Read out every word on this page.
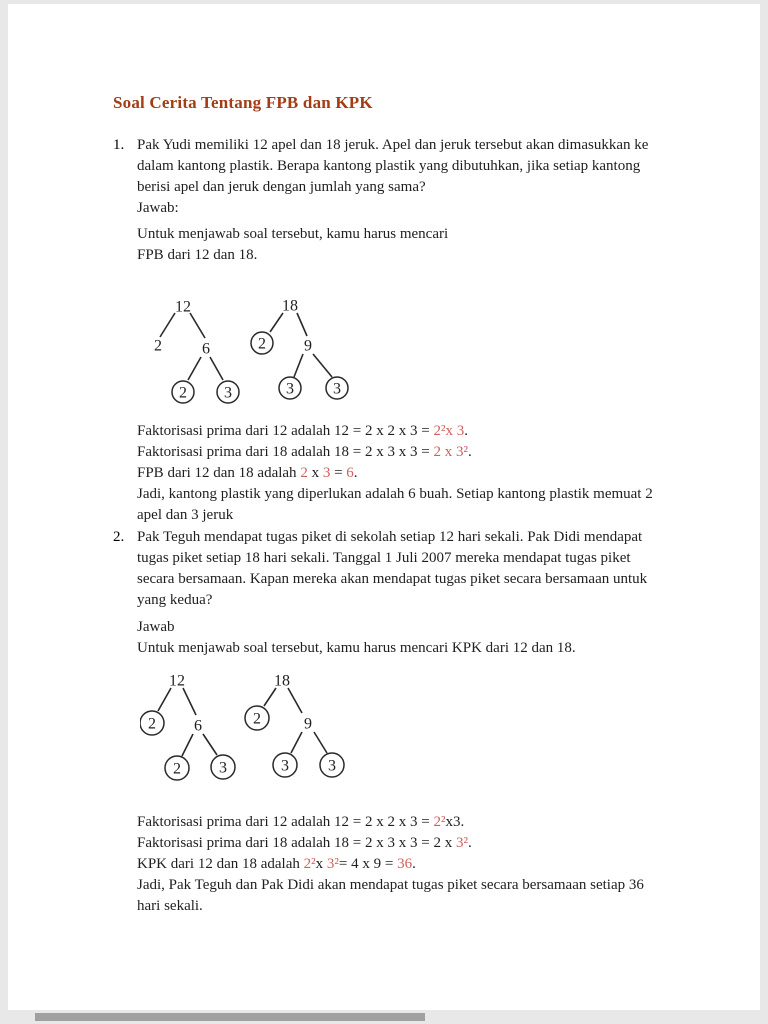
Soal Cerita Tentang FPB dan KPK
1. Pak Yudi memiliki 12 apel dan 18 jeruk. Apel dan jeruk tersebut akan dimasukkan ke
dalam kantong plastik. Berapa kantong plastik yang dibutuhkan, jika setiap kantong
berisi apel dan jeruk dengan jumlah yang sama?
Jawab:
Untuk menjawab soal tersebut, kamu harus mencari
FPB dari 12 dan 18.
12
2	6
2 3
18
2 9
3 3
Faktorisasi prima dari 12 adalah 12 = 2 x 2 x 3 = 2²x 3.
Faktorisasi prima dari 18 adalah 18 = 2 x 3 x 3 = 2 x 3².
FPB dari 12 dan 18 adalah 2 x 3 = 6.
Jadi, kantong plastik yang diperlukan adalah 6 buah. Setiap kantong plastik memuat 2
apel dan 3 jeruk
2. Pak Teguh mendapat tugas piket di sekolah setiap 12 hari sekali. Pak Didi mendapat
tugas piket setiap 18 hari sekali. Tanggal 1 Juli 2007 mereka mendapat tugas piket
secara bersamaan. Kapan mereka akan mendapat tugas piket secara bersamaan untuk
yang kedua?
Jawab
Untuk menjawab soal tersebut, kamu harus mencari KPK dari 12 dan 18.
12
2 6
2 3
18
2	9
3 3
Faktorisasi prima dari 12 adalah 12 = 2 x 2 x 3 = 2²x3.
Faktorisasi prima dari 18 adalah 18 = 2 x 3 x 3 = 2 x 3².
KPK dari 12 dan 18 adalah 2²x 3²= 4 x 9 = 36.
Jadi, Pak Teguh dan Pak Didi akan mendapat tugas piket secara bersamaan setiap 36
hari sekali.
